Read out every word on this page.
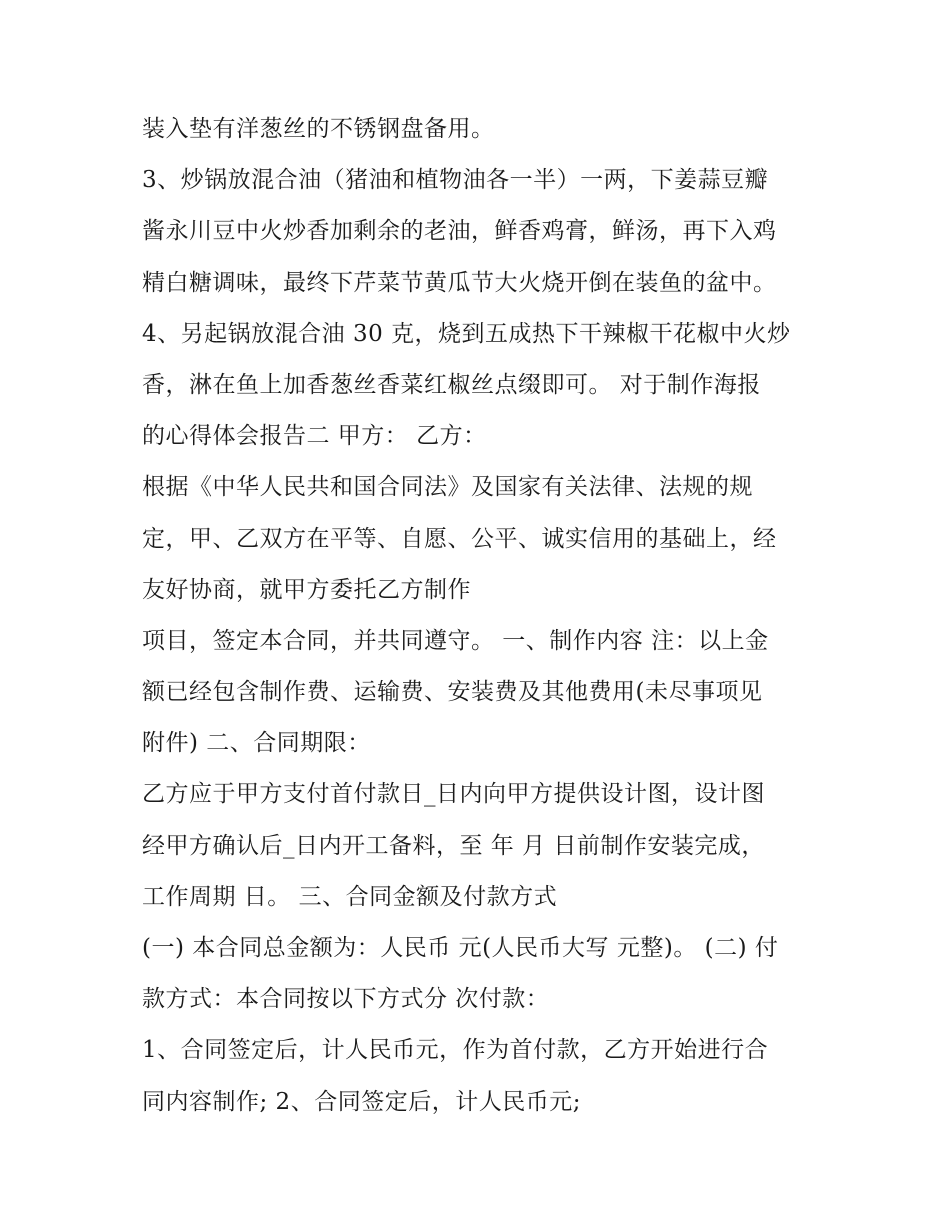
装入垫有洋葱丝的不锈钢盘备用。
3、炒锅放混合油（猪油和植物油各一半）一两，下姜蒜豆瓣
酱永川豆中火炒香加剩余的老油，鲜香鸡膏，鲜汤，再下入鸡
精白糖调味，最终下芹菜节黄瓜节大火烧开倒在装鱼的盆中。
4、另起锅放混合油 30 克，烧到五成热下干辣椒干花椒中火炒
香，淋在鱼上加香葱丝香菜红椒丝点缀即可。 对于制作海报
的心得体会报告二 甲方： 乙方：
根据《中华人民共和国合同法》及国家有关法律、法规的规
定，甲、乙双方在平等、自愿、公平、诚实信用的基础上，经
友好协商，就甲方委托乙方制作
项目，签定本合同，并共同遵守。 一、制作内容 注：以上金
额已经包含制作费、运输费、安装费及其他费用(未尽事项见
附件) 二、合同期限：
乙方应于甲方支付首付款日_日内向甲方提供设计图，设计图
经甲方确认后_日内开工备料，至 年 月 日前制作安装完成，
工作周期 日。 三、合同金额及付款方式
(一) 本合同总金额为：人民币 元(人民币大写 元整)。 (二) 付
款方式：本合同按以下方式分 次付款：
1、合同签定后，计人民币元，作为首付款，乙方开始进行合
同内容制作; 2、合同签定后，计人民币元;
